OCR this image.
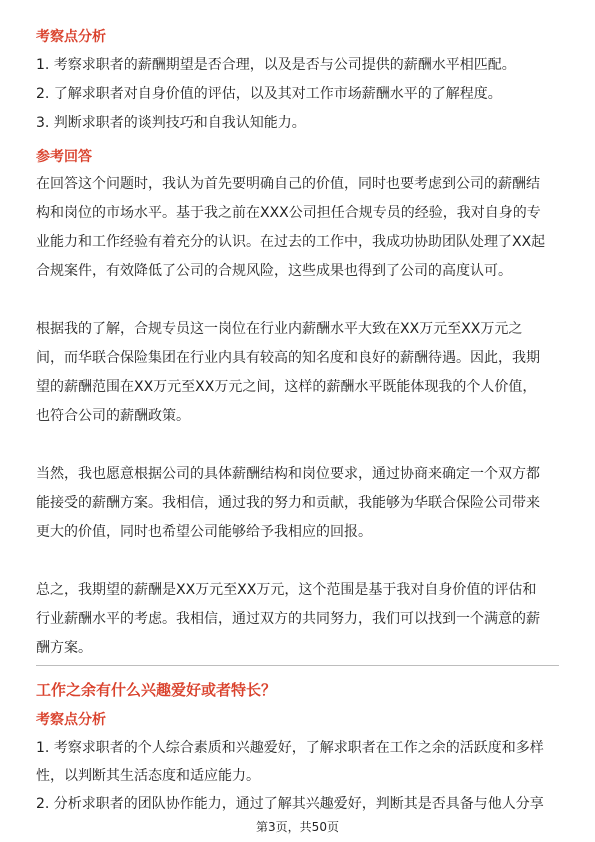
考察点分析
1. 考察求职者的薪酬期望是否合理，以及是否与公司提供的薪酬水平相匹配。
2. 了解求职者对自身价值的评估，以及其对工作市场薪酬水平的了解程度。
3. 判断求职者的谈判技巧和自我认知能力。
参考回答
在回答这个问题时，我认为首先要明确自己的价值，同时也要考虑到公司的薪酬结
构和岗位的市场水平。基于我之前在XXX公司担任合规专员的经验，我对自身的专
业能力和工作经验有着充分的认识。在过去的工作中，我成功协助团队处理了XX起
合规案件，有效降低了公司的合规风险，这些成果也得到了公司的高度认可。
根据我的了解，合规专员这一岗位在行业内薪酬水平大致在XX万元至XX万元之
间，而华联合保险集团在行业内具有较高的知名度和良好的薪酬待遇。因此，我期
望的薪酬范围在XX万元至XX万元之间，这样的薪酬水平既能体现我的个人价值，
也符合公司的薪酬政策。
当然，我也愿意根据公司的具体薪酬结构和岗位要求，通过协商来确定一个双方都
能接受的薪酬方案。我相信，通过我的努力和贡献，我能够为华联合保险公司带来
更大的价值，同时也希望公司能够给予我相应的回报。
总之，我期望的薪酬是XX万元至XX万元，这个范围是基于我对自身价值的评估和
行业薪酬水平的考虑。我相信，通过双方的共同努力，我们可以找到一个满意的薪
酬方案。
工作之余有什么兴趣爱好或者特长？
考察点分析
1. 考察求职者的个人综合素质和兴趣爱好，了解求职者在工作之余的活跃度和多样
性，以判断其生活态度和适应能力。
2. 分析求职者的团队协作能力，通过了解其兴趣爱好，判断其是否具备与他人分享
第3页，共50页
